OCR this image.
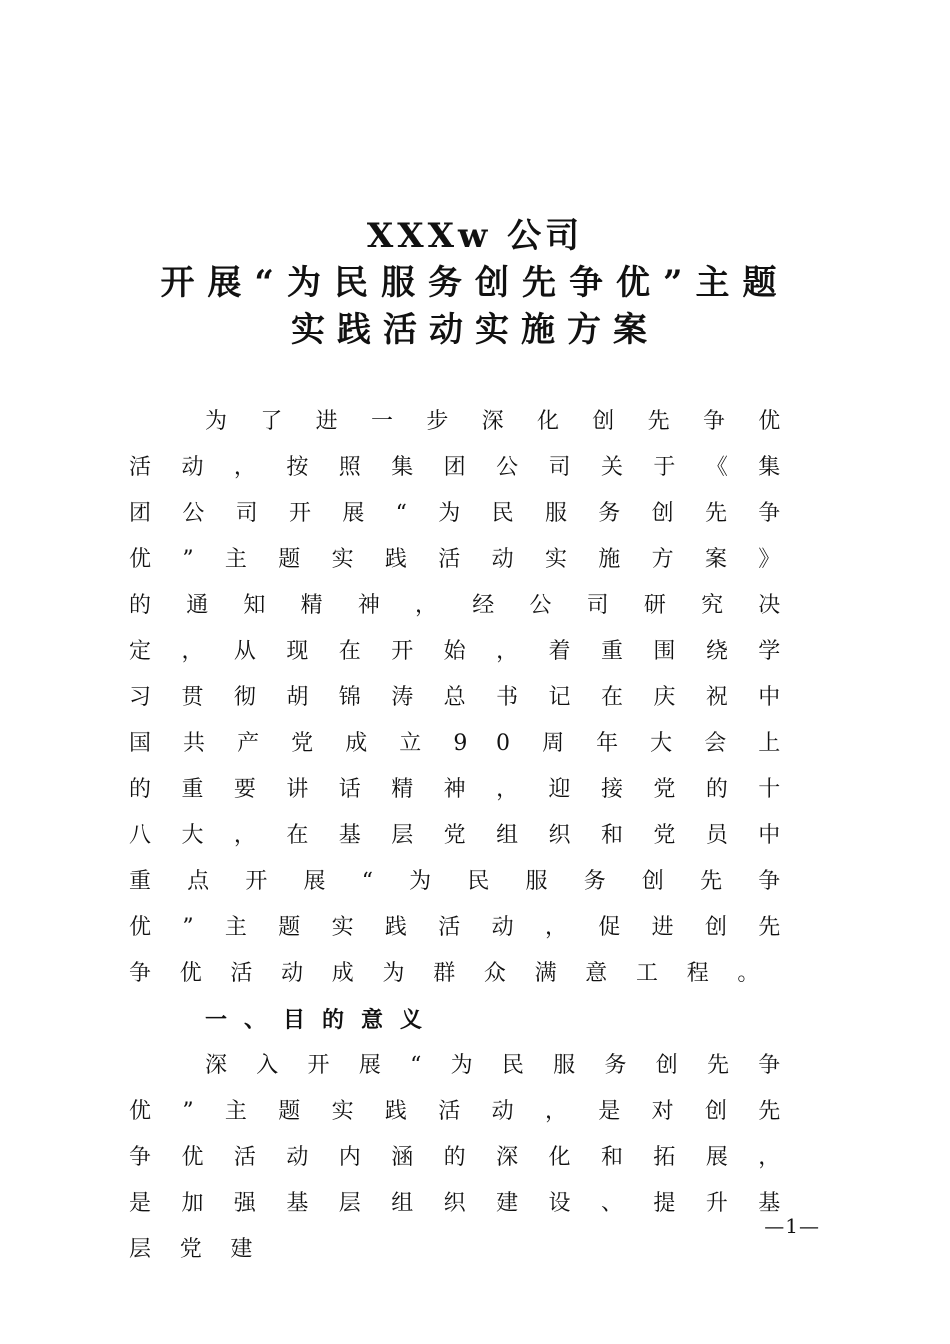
XXXw 公司
开展“为民服务创先争优”主题
实践活动实施方案

为了进一步深化创先争优活动，按照集团公司关于《集团公司开展“为民服务创先争优”主题实践活动实施方案》的通知精神，经公司研究决定，从现在开始，着重围绕学习贯彻胡锦涛总书记在庆祝中国共产党成立90周年大会上的重要讲话精神，迎接党的十八大，在基层党组织和党员中重点开展“为民服务创先争优”主题实践活动，促进创先争优活动成为群众满意工程。

一、目的意义

深入开展“为民服务创先争优”主题实践活动，是对创先争优活动内涵的深化和拓展，是加强基层组织建设、提升基层党建

—1—
